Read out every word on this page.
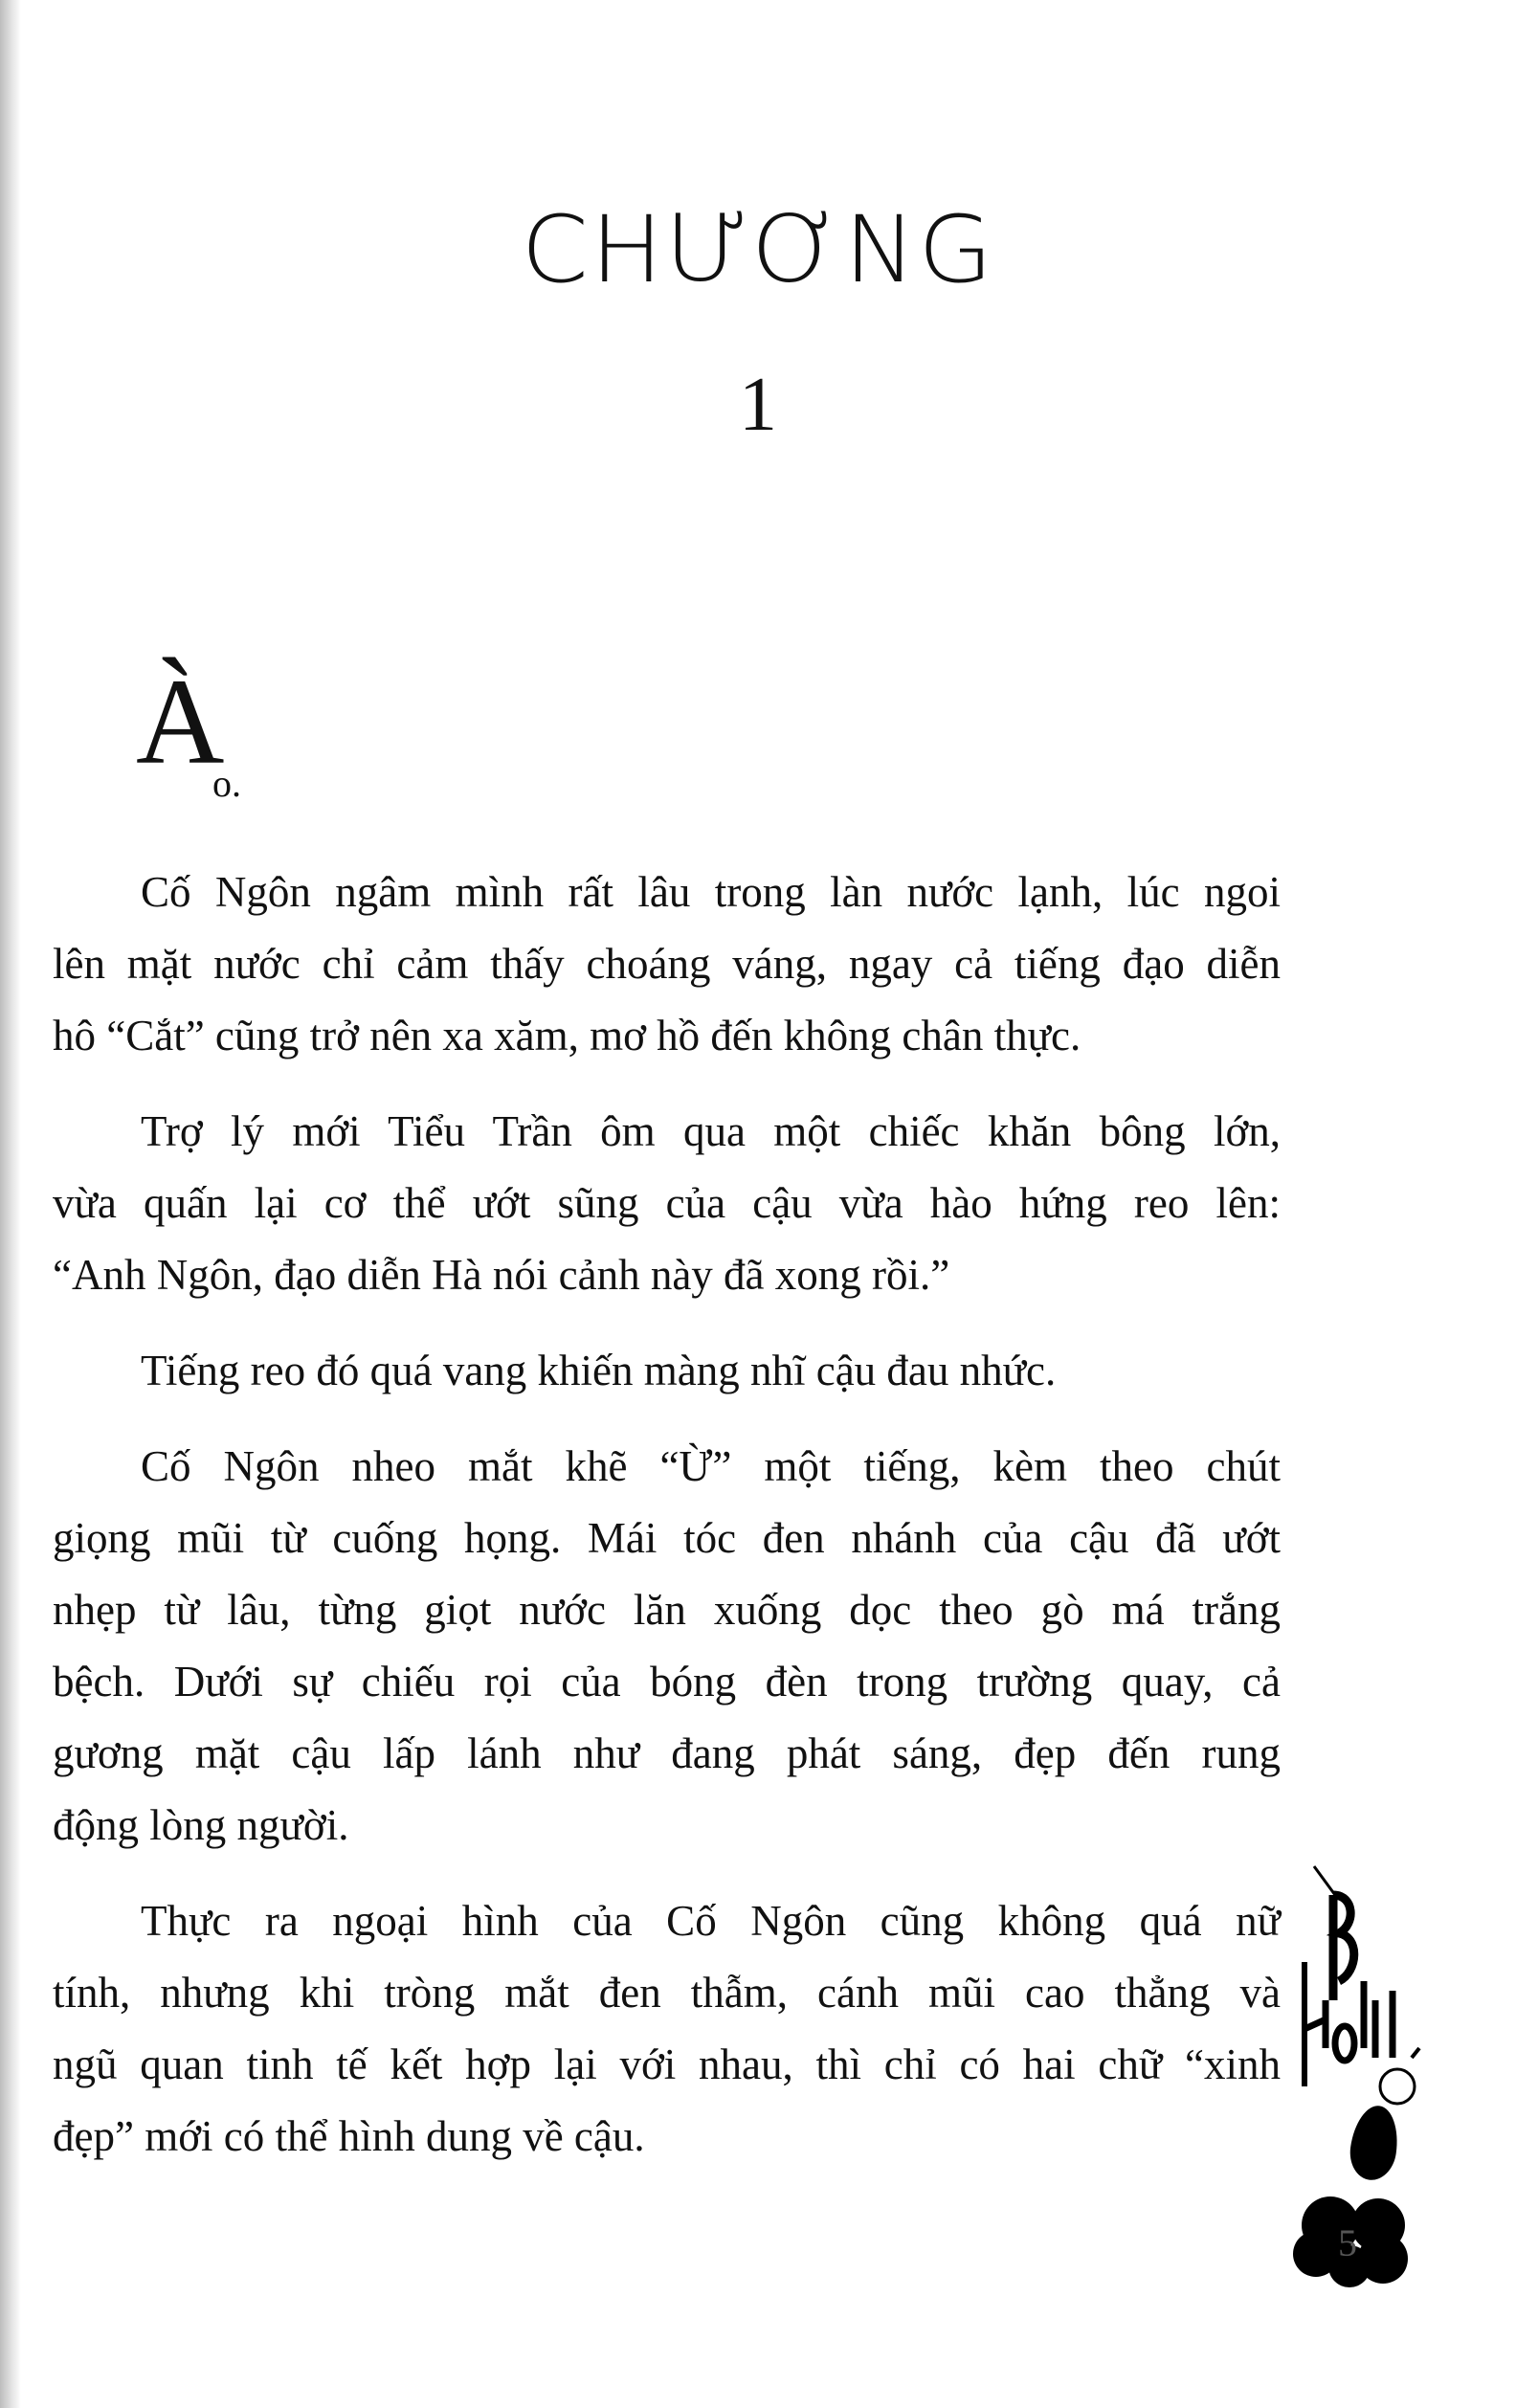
CHƯƠNG
1
À
o.
Cố Ngôn ngâm mình rất lâu trong làn nước lạnh, lúc ngoi
lên mặt nước chỉ cảm thấy choáng váng, ngay cả tiếng đạo diễn
hô “Cắt” cũng trở nên xa xăm, mơ hồ đến không chân thực.
Trợ lý mới Tiểu Trần ôm qua một chiếc khăn bông lớn,
vừa quấn lại cơ thể ướt sũng của cậu vừa hào hứng reo lên:
“Anh Ngôn, đạo diễn Hà nói cảnh này đã xong rồi.”
Tiếng reo đó quá vang khiến màng nhĩ cậu đau nhức.
Cố Ngôn nheo mắt khẽ “Ừ” một tiếng, kèm theo chút
giọng mũi từ cuống họng. Mái tóc đen nhánh của cậu đã ướt
nhẹp từ lâu, từng giọt nước lăn xuống dọc theo gò má trắng
bệch. Dưới sự chiếu rọi của bóng đèn trong trường quay, cả
gương mặt cậu lấp lánh như đang phát sáng, đẹp đến rung
động lòng người.
Thực ra ngoại hình của Cố Ngôn cũng không quá nữ
tính, nhưng khi tròng mắt đen thẫm, cánh mũi cao thẳng và
ngũ quan tinh tế kết hợp lại với nhau, thì chỉ có hai chữ “xinh
đẹp” mới có thể hình dung về cậu.
5
